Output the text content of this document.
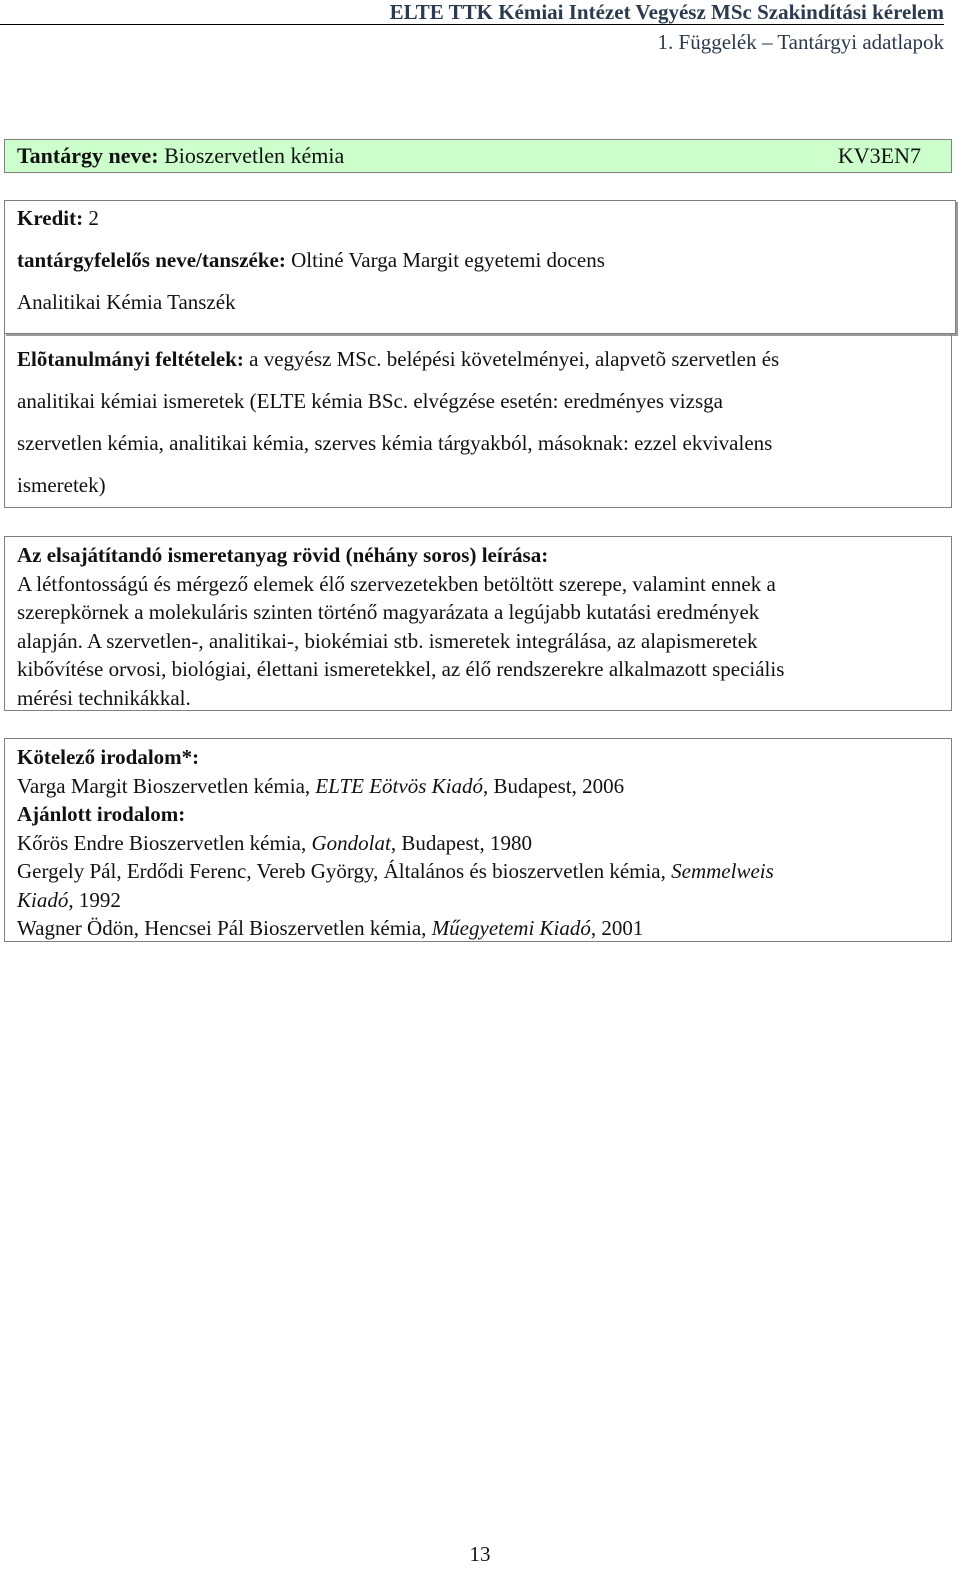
ELTE TTK Kémiai Intézet Vegyész MSc Szakindítási kérelem
1. Függelék – Tantárgyi adatlapok
Tantárgy neve: Bioszervetlen kémia	KV3EN7
Kredit: 2
tantárgyfelelős neve/tanszéke: Oltiné Varga Margit egyetemi docens
Analitikai Kémia Tanszék
Elõtanulmányi feltételek: a vegyész MSc. belépési követelményei, alapvetõ szervetlen és
analitikai kémiai ismeretek (ELTE kémia BSc. elvégzése esetén: eredményes vizsga
szervetlen kémia, analitikai kémia, szerves kémia tárgyakból, másoknak: ezzel ekvivalens
ismeretek)
Az elsajátítandó ismeretanyag rövid (néhány soros) leírása:
A létfontosságú és mérgező elemek élő szervezetekben betöltött szerepe, valamint ennek a
szerepkörnek a molekuláris szinten történő magyarázata a legújabb kutatási eredmények
alapján. A szervetlen-, analitikai-, biokémiai stb. ismeretek integrálása, az alapismeretek
kibővítése orvosi, biológiai, élettani ismeretekkel, az élő rendszerekre alkalmazott speciális
mérési technikákkal.
Kötelező irodalom*:
Varga Margit Bioszervetlen kémia, ELTE Eötvös Kiadó, Budapest, 2006
Ajánlott irodalom:
Kőrös Endre Bioszervetlen kémia, Gondolat, Budapest, 1980
Gergely Pál, Erdődi Ferenc, Vereb György, Általános és bioszervetlen kémia, Semmelweis
Kiadó, 1992
Wagner Ödön, Hencsei Pál Bioszervetlen kémia, Műegyetemi Kiadó, 2001
13
